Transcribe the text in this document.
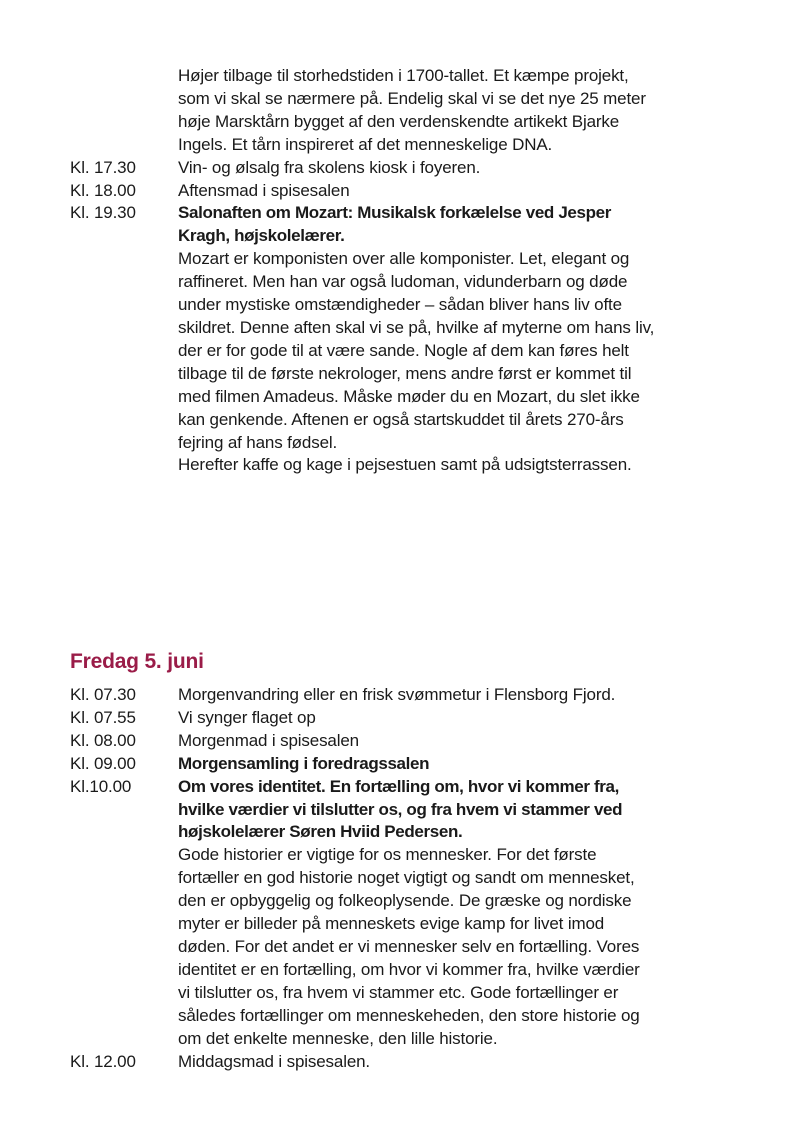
Højer tilbage til storhedstiden i 1700-tallet. Et kæmpe projekt,
som vi skal se nærmere på. Endelig skal vi se det nye 25 meter
høje Marsktårn bygget af den verdenskendte artikekt Bjarke
Ingels. Et tårn inspireret af det menneskelige DNA.
Kl. 17.30	Vin- og ølsalg fra skolens kiosk i foyeren.
Kl. 18.00	Aftensmad i spisesalen
Kl. 19.30	Salonaften om Mozart: Musikalsk forkælelse ved Jesper
Kragh, højskolelærer.
Mozart er komponisten over alle komponister. Let, elegant og
raffineret. Men han var også ludoman, vidunderbarn og døde
under mystiske omstændigheder – sådan bliver hans liv ofte
skildret. Denne aften skal vi se på, hvilke af myterne om hans liv,
der er for gode til at være sande. Nogle af dem kan føres helt
tilbage til de første nekrologer, mens andre først er kommet til
med filmen Amadeus. Måske møder du en Mozart, du slet ikke
kan genkende. Aftenen er også startskuddet til årets 270-års
fejring af hans fødsel.
Herefter kaffe og kage i pejsestuen samt på udsigtsterrassen.
Fredag 5. juni
Kl. 07.30	Morgenvandring eller en frisk svømmetur i Flensborg Fjord.
Kl. 07.55	Vi synger flaget op
Kl. 08.00	Morgenmad i spisesalen
Kl. 09.00	Morgensamling i foredragssalen
Kl.10.00	Om vores identitet. En fortælling om, hvor vi kommer fra,
hvilke værdier vi tilslutter os, og fra hvem vi stammer ved
højskolelærer Søren Hviid Pedersen.
Gode historier er vigtige for os mennesker. For det første
fortæller en god historie noget vigtigt og sandt om mennesket,
den er opbyggelig og folkeoplysende. De græske og nordiske
myter er billeder på menneskets evige kamp for livet imod
døden. For det andet er vi mennesker selv en fortælling. Vores
identitet er en fortælling, om hvor vi kommer fra, hvilke værdier
vi tilslutter os, fra hvem vi stammer etc. Gode fortællinger er
således fortællinger om menneskeheden, den store historie og
om det enkelte menneske, den lille historie.
Kl. 12.00	Middagsmad i spisesalen.
